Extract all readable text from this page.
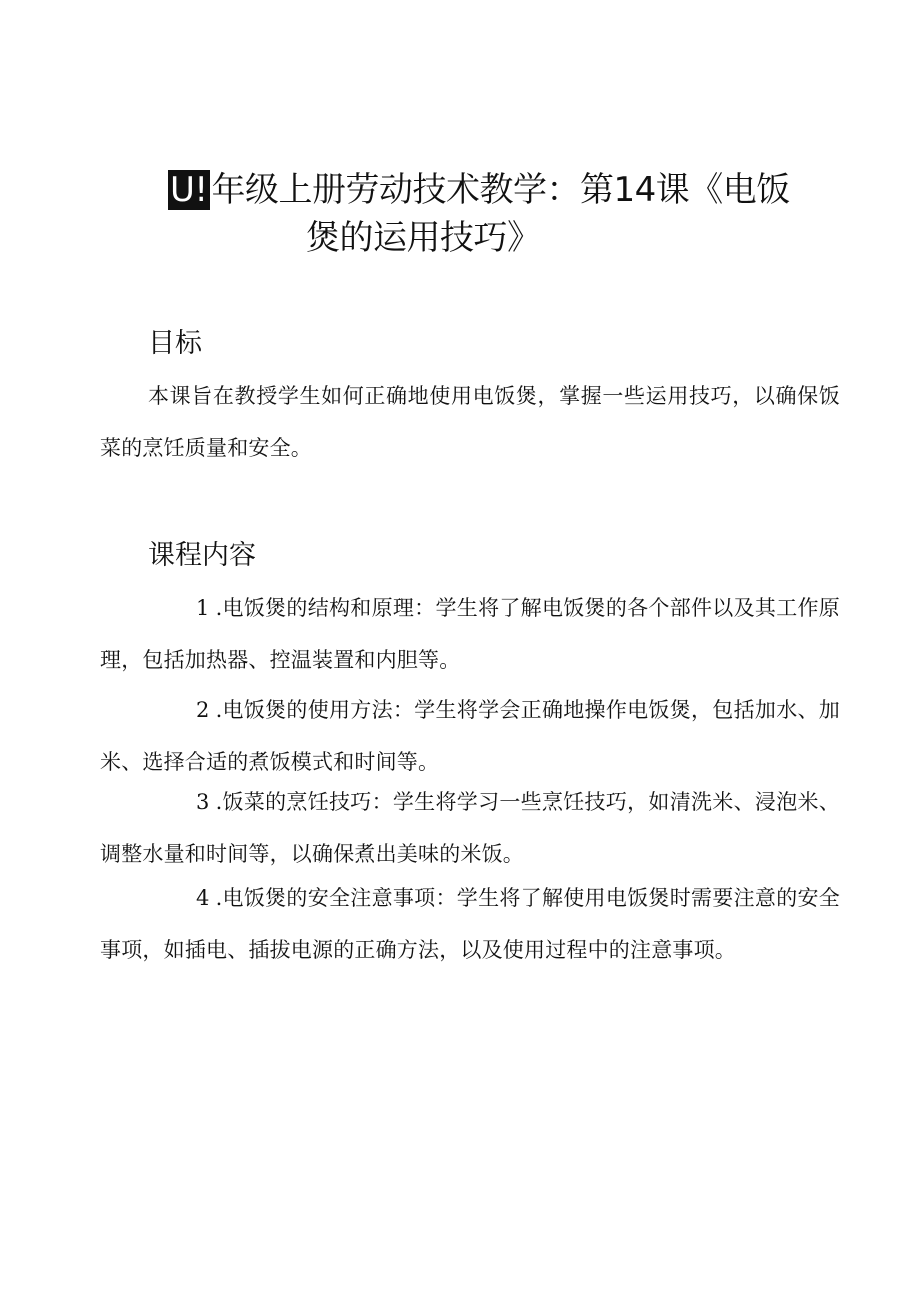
U! 年级上册劳动技术教学：第14课《电饭
煲的运用技巧》
目标
本课旨在教授学生如何正确地使用电饭煲，掌握一些运用技巧，以确保饭菜的烹饪质量和安全。
课程内容
1 .电饭煲的结构和原理：学生将了解电饭煲的各个部件以及其工作原理，包括加热器、控温装置和内胆等。
2 .电饭煲的使用方法：学生将学会正确地操作电饭煲，包括加水、加米、选择合适的煮饭模式和时间等。
3 .饭菜的烹饪技巧：学生将学习一些烹饪技巧，如清洗米、浸泡米、调整水量和时间等，以确保煮出美味的米饭。
4 .电饭煲的安全注意事项：学生将了解使用电饭煲时需要注意的安全事项，如插电、插拔电源的正确方法，以及使用过程中的注意事项。
